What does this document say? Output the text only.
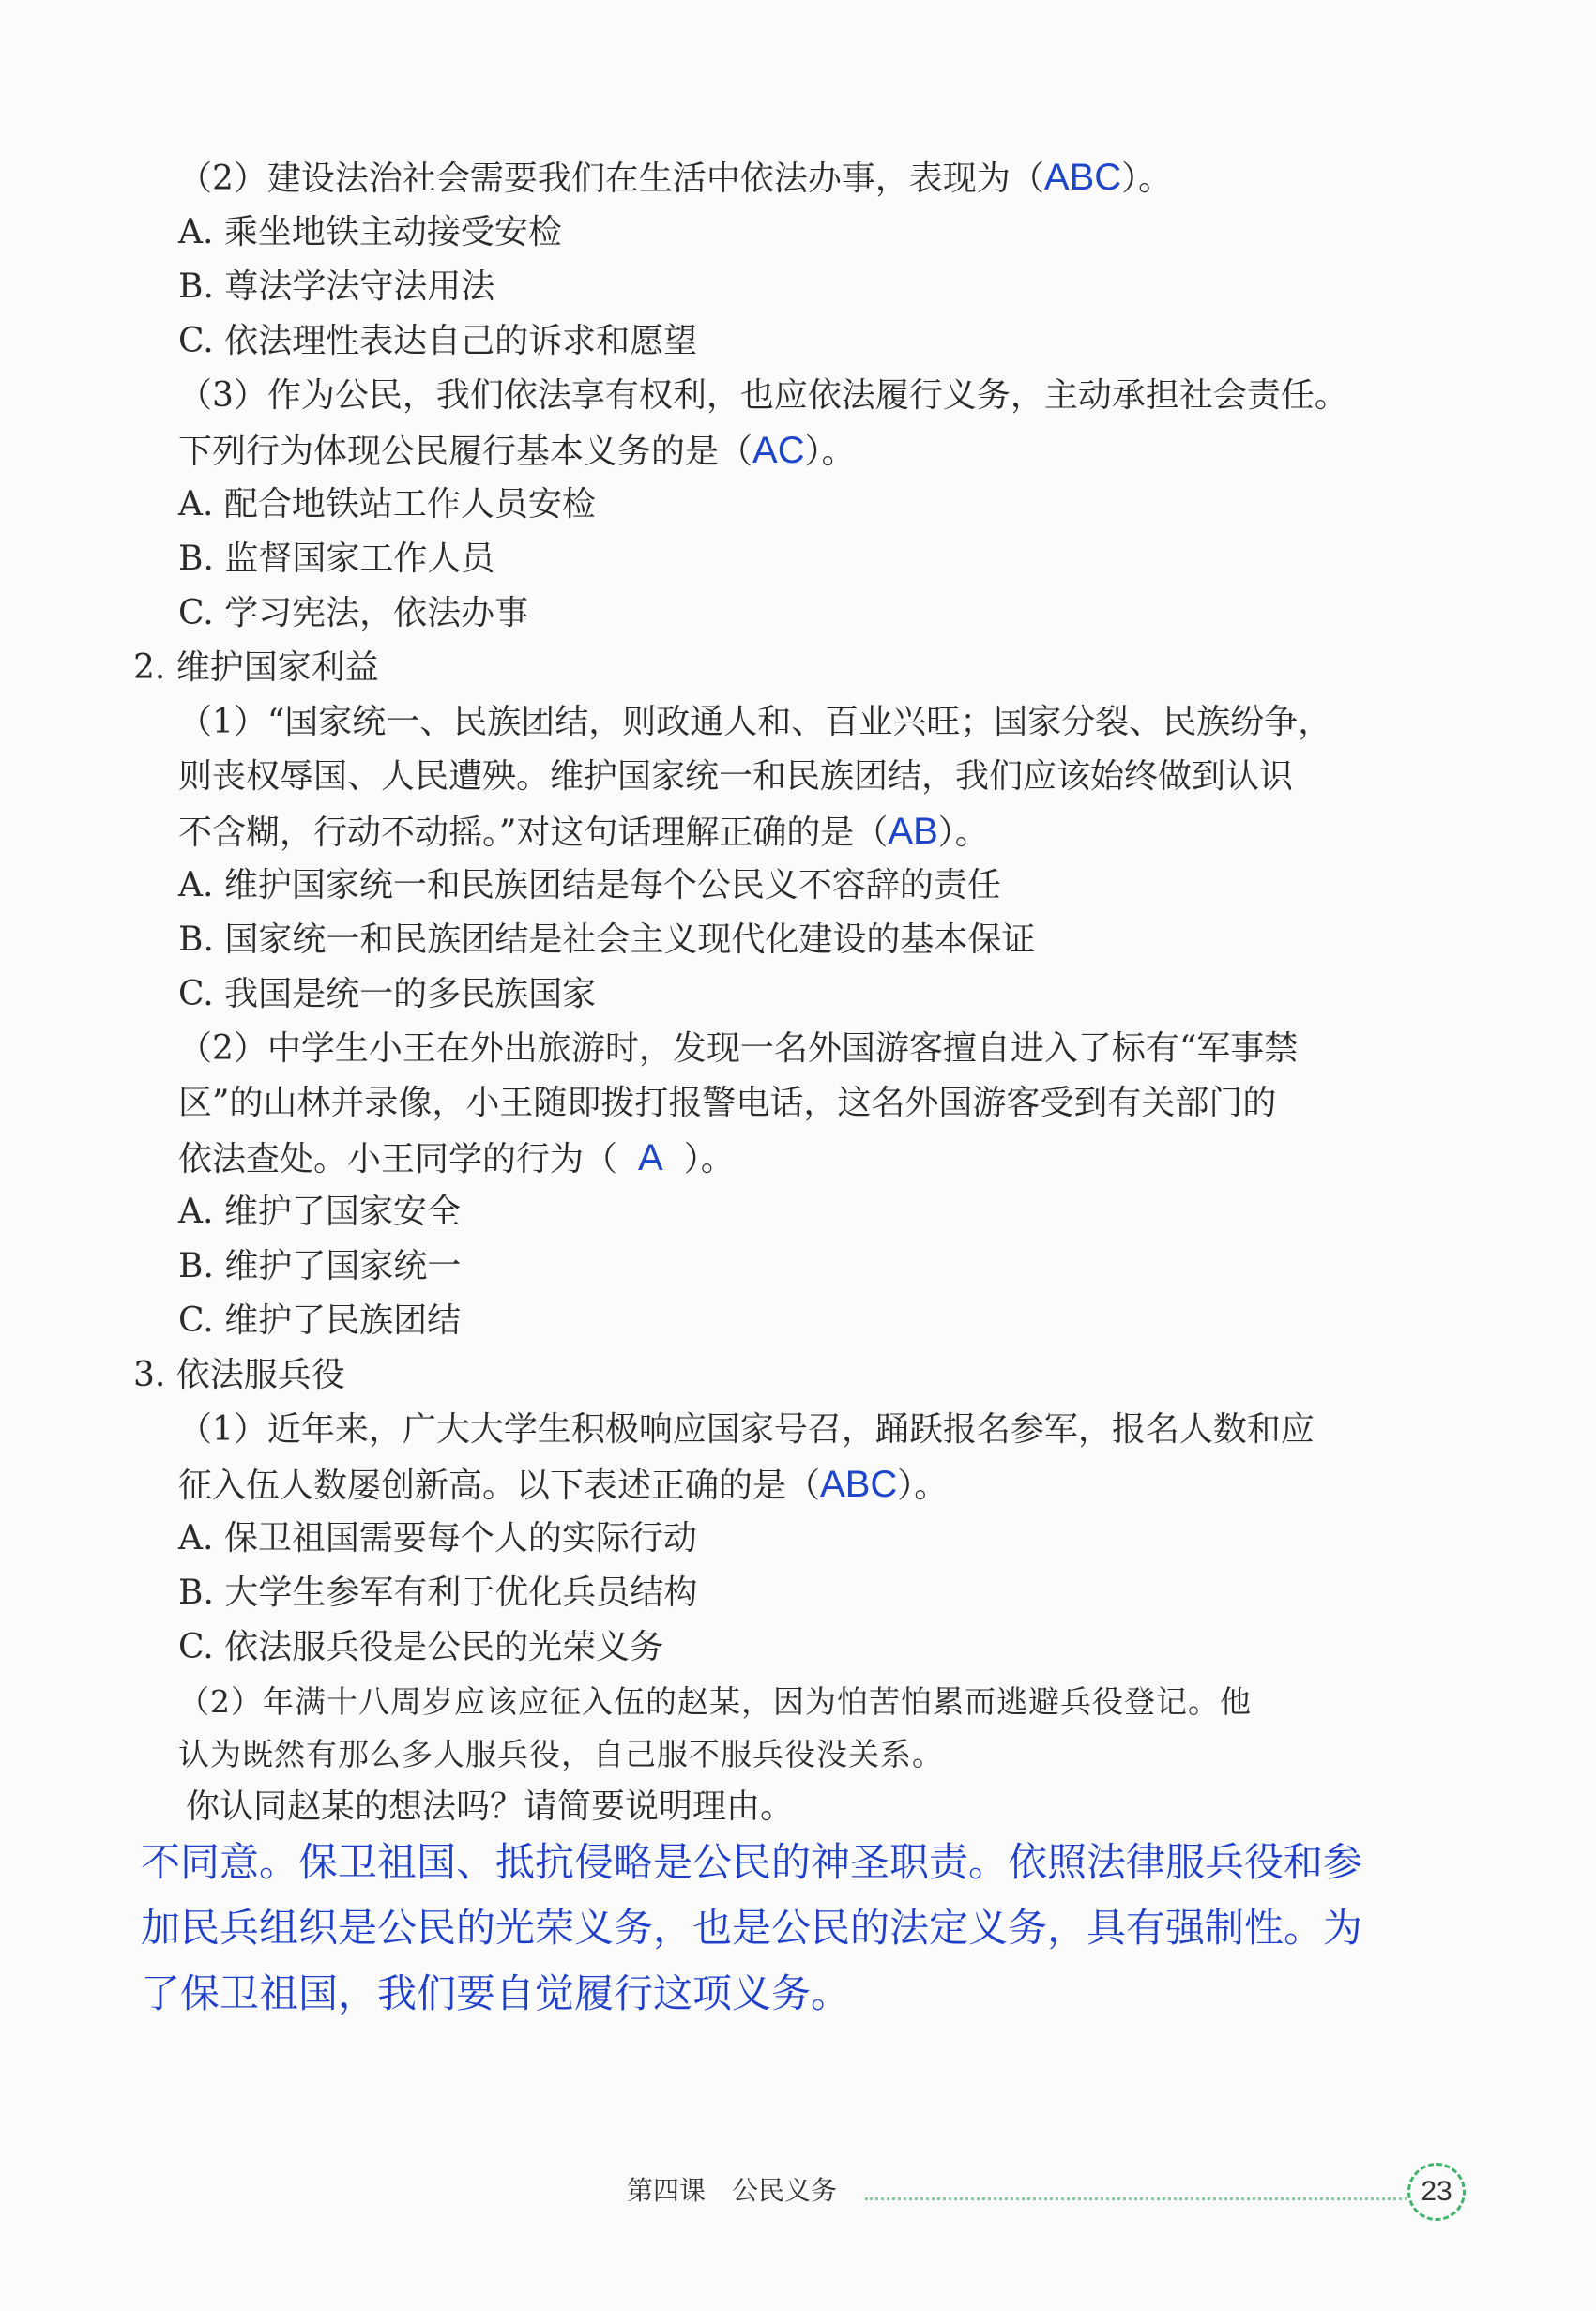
（2）建设法治社会需要我们在生活中依法办事，表现为（ABC）。
A. 乘坐地铁主动接受安检
B. 尊法学法守法用法
C. 依法理性表达自己的诉求和愿望
（3）作为公民，我们依法享有权利，也应依法履行义务，主动承担社会责任。
下列行为体现公民履行基本义务的是（AC）。
A. 配合地铁站工作人员安检
B. 监督国家工作人员
C. 学习宪法，依法办事
2. 维护国家利益
（1）“国家统一、民族团结，则政通人和、百业兴旺；国家分裂、民族纷争，
则丧权辱国、人民遭殃。维护国家统一和民族团结，我们应该始终做到认识
不含糊，行动不动摇。”对这句话理解正确的是（AB）。
A. 维护国家统一和民族团结是每个公民义不容辞的责任
B. 国家统一和民族团结是社会主义现代化建设的基本保证
C. 我国是统一的多民族国家
（2）中学生小王在外出旅游时，发现一名外国游客擅自进入了标有“军事禁
区”的山林并录像，小王随即拨打报警电话，这名外国游客受到有关部门的
依法查处。小王同学的行为（ A ）。
A. 维护了国家安全
B. 维护了国家统一
C. 维护了民族团结
3. 依法服兵役
（1）近年来，广大大学生积极响应国家号召，踊跃报名参军，报名人数和应
征入伍人数屡创新高。以下表述正确的是（ABC）。
A. 保卫祖国需要每个人的实际行动
B. 大学生参军有利于优化兵员结构
C. 依法服兵役是公民的光荣义务
（2）年满十八周岁应该应征入伍的赵某，因为怕苦怕累而逃避兵役登记。他
认为既然有那么多人服兵役，自己服不服兵役没关系。
你认同赵某的想法吗？请简要说明理由。
不同意。保卫祖国、抵抗侵略是公民的神圣职责。依照法律服兵役和参
加民兵组织是公民的光荣义务，也是公民的法定义务，具有强制性。为
了保卫祖国，我们要自觉履行这项义务。
第四课　公民义务	23
